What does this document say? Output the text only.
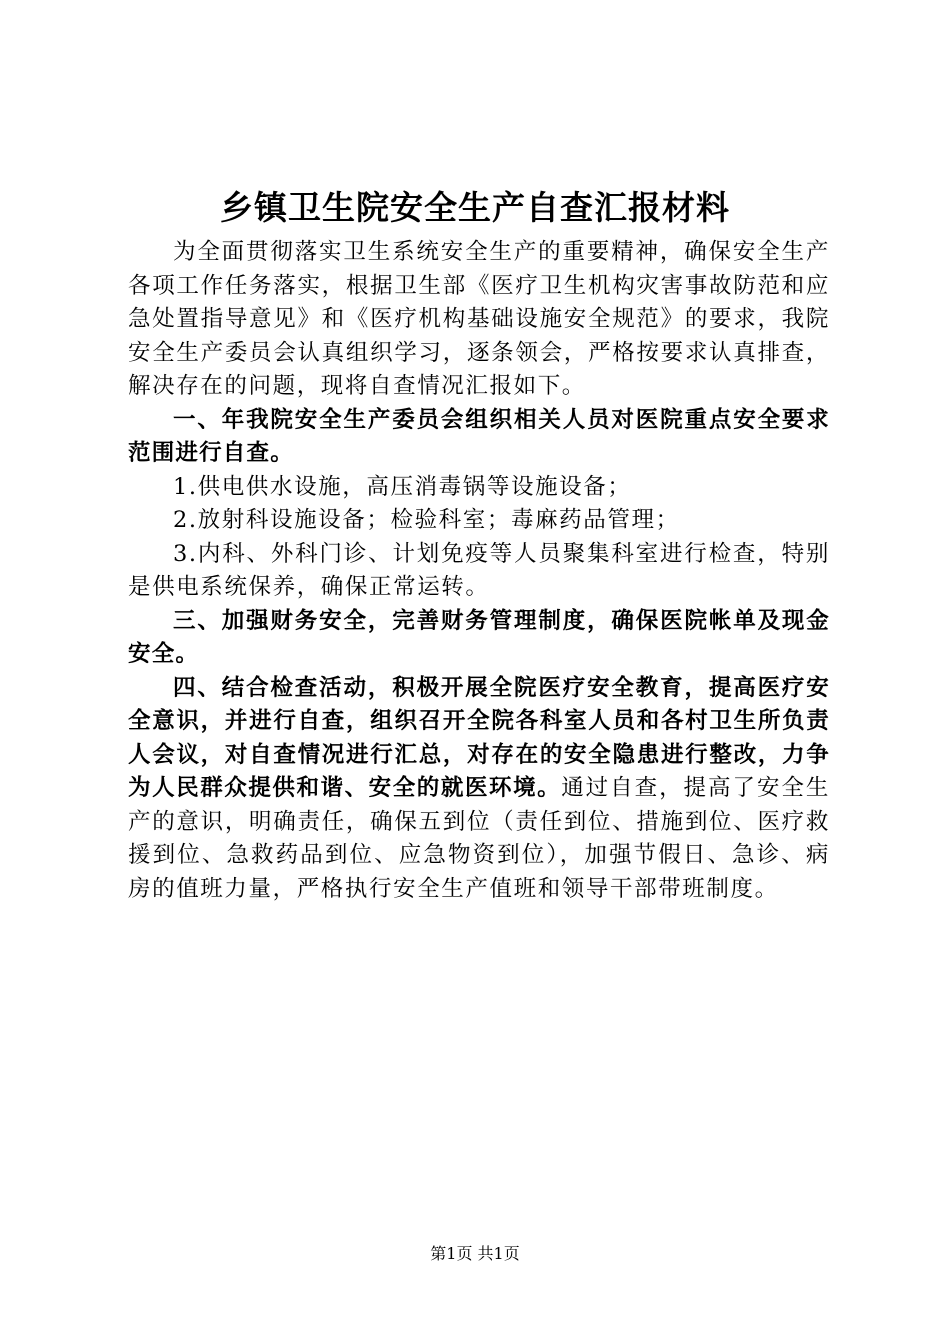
乡镇卫生院安全生产自查汇报材料

为全面贯彻落实卫生系统安全生产的重要精神，确保安全生产各项工作任务落实，根据卫生部《医疗卫生机构灾害事故防范和应急处置指导意见》和《医疗机构基础设施安全规范》的要求，我院安全生产委员会认真组织学习，逐条领会，严格按要求认真排查，解决存在的问题，现将自查情况汇报如下。

一、年我院安全生产委员会组织相关人员对医院重点安全要求范围进行自查。

1.供电供水设施，高压消毒锅等设施设备；

2.放射科设施设备；检验科室；毒麻药品管理；

3.内科、外科门诊、计划免疫等人员聚集科室进行检查，特别是供电系统保养，确保正常运转。

三、加强财务安全，完善财务管理制度，确保医院帐单及现金安全。

四、结合检查活动，积极开展全院医疗安全教育，提高医疗安全意识，并进行自查，组织召开全院各科室人员和各村卫生所负责人会议，对自查情况进行汇总，对存在的安全隐患进行整改，力争为人民群众提供和谐、安全的就医环境。通过自查，提高了安全生产的意识，明确责任，确保五到位（责任到位、措施到位、医疗救援到位、急救药品到位、应急物资到位），加强节假日、急诊、病房的值班力量，严格执行安全生产值班和领导干部带班制度。

第1页 共1页
